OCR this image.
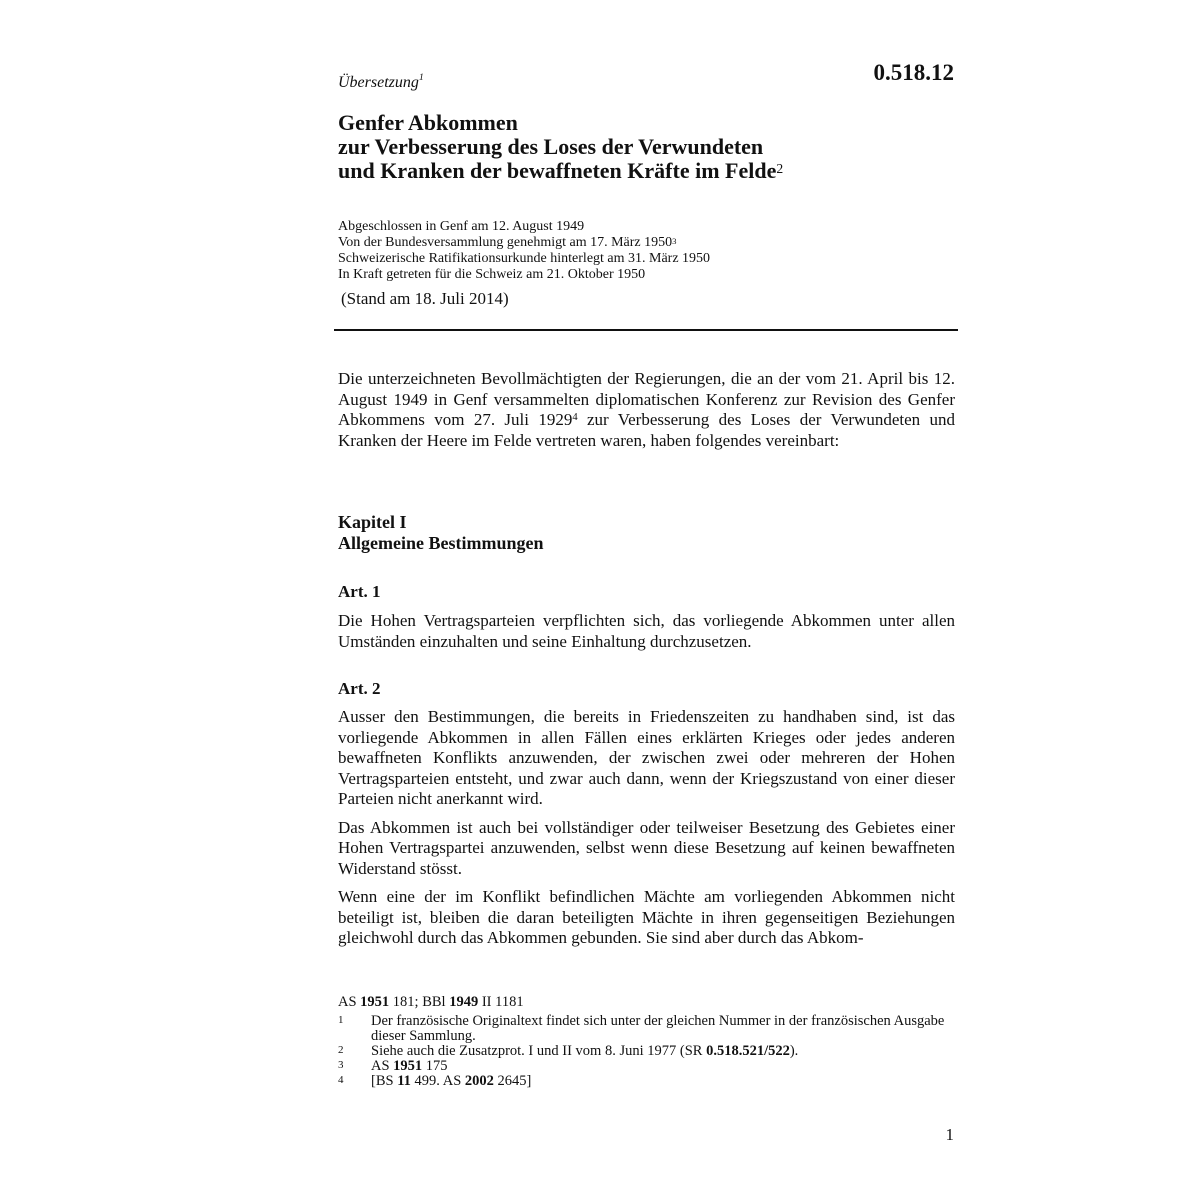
0.518.12
Übersetzung$^1$
Genfer Abkommen
zur Verbesserung des Loses der Verwundeten
und Kranken der bewaffneten Kräfte im Felde$^2$
Abgeschlossen in Genf am 12. August 1949
Von der Bundesversammlung genehmigt am 17. März 1950$^3$
Schweizerische Ratifikationsurkunde hinterlegt am 31. März 1950
In Kraft getreten für die Schweiz am 21. Oktober 1950
(Stand am 18. Juli 2014)

Die unterzeichneten Bevollmächtigten der Regierungen, die an der vom 21. April bis 12. August 1949 in Genf versammelten diplomatischen Konferenz zur Revision des Genfer Abkommens vom 27. Juli 1929$^4$ zur Verbesserung des Loses der Verwundeten und Kranken der Heere im Felde vertreten waren, haben folgendes vereinbart:

Kapitel I
Allgemeine Bestimmungen
Art. 1

Die Hohen Vertragsparteien verpflichten sich, das vorliegende Abkommen unter allen Umständen einzuhalten und seine Einhaltung durchzusetzen.

Art. 2

Ausser den Bestimmungen, die bereits in Friedenszeiten zu handhaben sind, ist das vorliegende Abkommen in allen Fällen eines erklärten Krieges oder jedes anderen bewaffneten Konflikts anzuwenden, der zwischen zwei oder mehreren der Hohen Vertragsparteien entsteht, und zwar auch dann, wenn der Kriegszustand von einer dieser Parteien nicht anerkannt wird.

Das Abkommen ist auch bei vollständiger oder teilweiser Besetzung des Gebietes einer Hohen Vertragspartei anzuwenden, selbst wenn diese Besetzung auf keinen bewaffneten Widerstand stösst.

Wenn eine der im Konflikt befindlichen Mächte am vorliegenden Abkommen nicht beteiligt ist, bleiben die daran beteiligten Mächte in ihren gegenseitigen Beziehungen gleichwohl durch das Abkommen gebunden. Sie sind aber durch das Abkom-

AS 1951 181; BBl 1949 II 1181
1	Der französische Originaltext findet sich unter der gleichen Nummer in der französischen Ausgabe dieser Sammlung.
2	Siehe auch die Zusatzprot. I und II vom 8. Juni 1977 (SR 0.518.521/522).
3	AS 1951 175
4	[BS 11 499. AS 2002 2645]
1
